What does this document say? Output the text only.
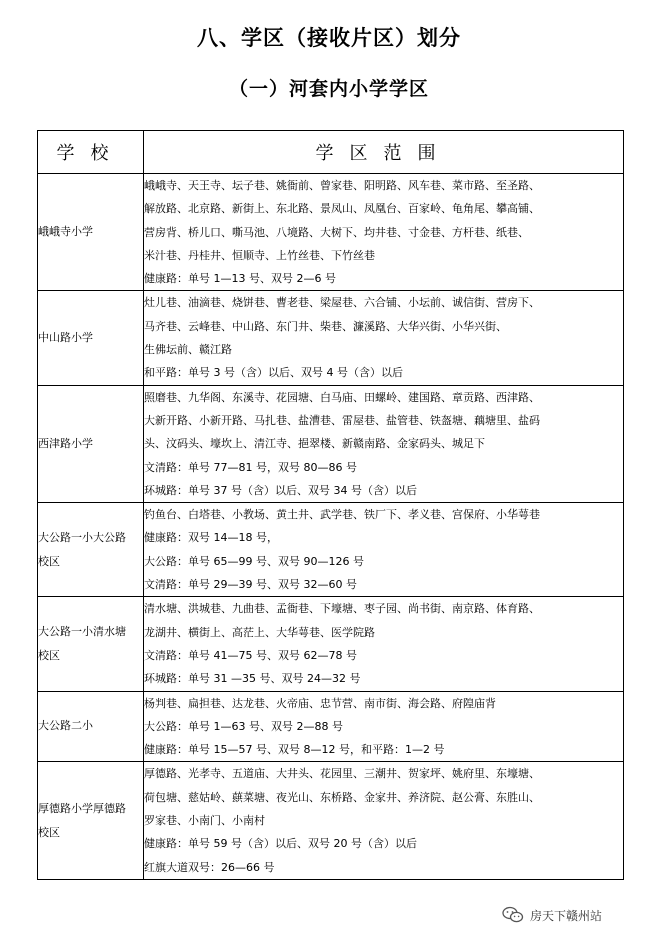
八、学区（接收片区）划分
（一）河套内小学学区
学校	学区范围

峨峨寺小学	峨峨寺、天王寺、坛子巷、姚衙前、曾家巷、阳明路、风车巷、菜市路、至圣路、
解放路、北京路、新街上、东北路、景凤山、凤凰台、百家岭、龟角尾、攀高铺、
营房背、桥儿口、嘶马池、八境路、大树下、均井巷、寸金巷、方杆巷、纸巷、
米汁巷、丹桂井、恒顺寺、上竹丝巷、下竹丝巷
健康路：单号 1—13 号、双号 2—6 号

中山路小学	灶儿巷、油滴巷、烧饼巷、曹老巷、梁屋巷、六合铺、小坛前、诚信街、营房下、
马齐巷、云峰巷、中山路、东门井、柴巷、濂溪路、大华兴街、小华兴街、
生佛坛前、赣江路
和平路：单号 3 号（含）以后、双号 4 号（含）以后

西津路小学	照磨巷、九华阁、东溪寺、花园塘、白马庙、田螺岭、建国路、章贡路、西津路、
大新开路、小新开路、马扎巷、盐漕巷、雷屋巷、盐管巷、铁盔塘、藕塘里、盐码
头、汶码头、壕坎上、清江寺、挹翠楼、新赣南路、金家码头、城足下
文清路：单号 77—81 号，双号 80—86 号
环城路：单号 37 号（含）以后、双号 34 号（含）以后

大公路一小大公路校区	钓鱼台、白塔巷、小教场、黄土井、武学巷、铁厂下、孝义巷、宫保府、小华萼巷
健康路：双号 14—18 号，
大公路：单号 65—99 号、双号 90—126 号
文清路：单号 29—39 号、双号 32—60 号

大公路一小清水塘校区	清水塘、洪城巷、九曲巷、孟衙巷、下壕塘、枣子园、尚书街、南京路、体育路、
龙湖井、横街上、高茫上、大华萼巷、医学院路
文清路：单号 41—75 号、双号 62—78 号
环城路：单号 31 —35 号、双号 24—32 号

大公路二小	杨判巷、扁担巷、达龙巷、火帝庙、忠节营、南市街、海会路、府隍庙背
大公路：单号 1—63 号、双号 2—88 号
健康路：单号 15—57 号、双号 8—12 号，和平路：1—2 号

厚德路小学厚德路校区	厚德路、光孝寺、五道庙、大井头、花园里、三潮井、贺家坪、姚府里、东壕塘、
荷包塘、慈姑岭、蕻菜塘、夜光山、东桥路、金家井、养济院、赵公膏、东胜山、
罗家巷、小南门、小南村
健康路：单号 59 号（含）以后、双号 20 号（含）以后
红旗大道双号：26—66 号
房天下赣州站
